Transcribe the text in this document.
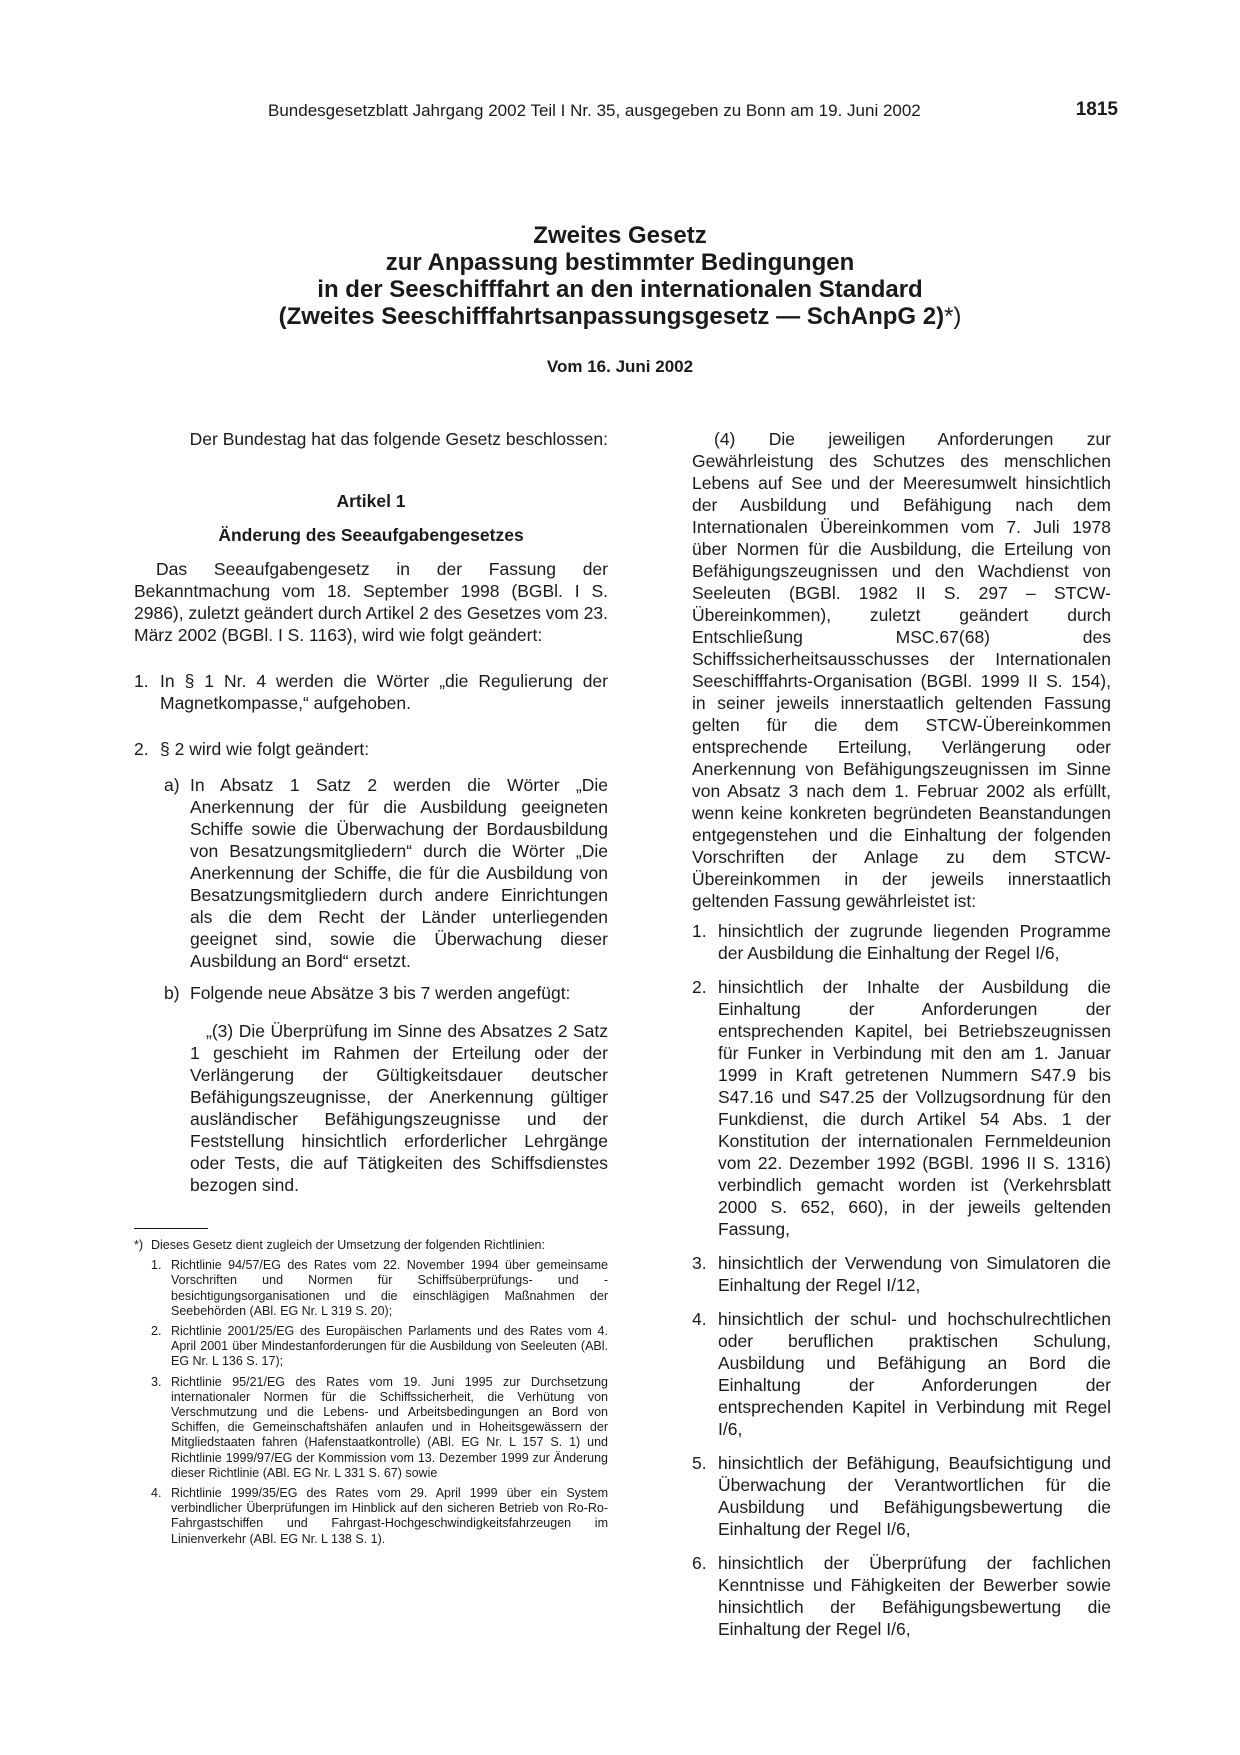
Bundesgesetzblatt Jahrgang 2002 Teil I Nr. 35, ausgegeben zu Bonn am 19. Juni 2002	1815
Zweites Gesetz
zur Anpassung bestimmter Bedingungen
in der Seeschifffahrt an den internationalen Standard
(Zweites Seeschifffahrtsanpassungsgesetz — SchAnpG 2)*)
Vom 16. Juni 2002

Der Bundestag hat das folgende Gesetz beschlossen:

Artikel 1

Änderung des Seeaufgabengesetzes

Das Seeaufgabengesetz in der Fassung der Bekanntmachung vom 18. September 1998 (BGBl. I S. 2986), zuletzt geändert durch Artikel 2 des Gesetzes vom 23. März 2002 (BGBl. I S. 1163), wird wie folgt geändert:

1. In § 1 Nr. 4 werden die Wörter „die Regulierung der Magnetkompasse,“ aufgehoben.
2. § 2 wird wie folgt geändert:
a) In Absatz 1 Satz 2 werden die Wörter „Die Anerkennung der für die Ausbildung geeigneten Schiffe sowie die Überwachung der Bordausbildung von Besatzungsmitgliedern“ durch die Wörter „Die Anerkennung der Schiffe, die für die Ausbildung von Besatzungsmitgliedern durch andere Einrichtungen als die dem Recht der Länder unterliegenden geeignet sind, sowie die Überwachung dieser Ausbildung an Bord“ ersetzt.
b) Folgende neue Absätze 3 bis 7 werden angefügt:

„(3) Die Überprüfung im Sinne des Absatzes 2 Satz 1 geschieht im Rahmen der Erteilung oder der Verlängerung der Gültigkeitsdauer deutscher Befähigungszeugnisse, der Anerkennung gültiger ausländischer Befähigungszeugnisse und der Feststellung hinsichtlich erforderlicher Lehrgänge oder Tests, die auf Tätigkeiten des Schiffsdienstes bezogen sind.

*) Dieses Gesetz dient zugleich der Umsetzung der folgenden Richtlinien:
1. Richtlinie 94/57/EG des Rates vom 22. November 1994 über gemeinsame Vorschriften und Normen für Schiffsüberprüfungs- und -besichtigungsorganisationen und die einschlägigen Maßnahmen der Seebehörden (ABl. EG Nr. L 319 S. 20);
2. Richtlinie 2001/25/EG des Europäischen Parlaments und des Rates vom 4. April 2001 über Mindestanforderungen für die Ausbildung von Seeleuten (ABl. EG Nr. L 136 S. 17);
3. Richtlinie 95/21/EG des Rates vom 19. Juni 1995 zur Durchsetzung internationaler Normen für die Schiffssicherheit, die Verhütung von Verschmutzung und die Lebens- und Arbeitsbedingungen an Bord von Schiffen, die Gemeinschaftshäfen anlaufen und in Hoheitsgewässern der Mitgliedstaaten fahren (Hafenstaatkontrolle) (ABl. EG Nr. L 157 S. 1) und Richtlinie 1999/97/EG der Kommission vom 13. Dezember 1999 zur Änderung dieser Richtlinie (ABl. EG Nr. L 331 S. 67) sowie
4. Richtlinie 1999/35/EG des Rates vom 29. April 1999 über ein System verbindlicher Überprüfungen im Hinblick auf den sicheren Betrieb von Ro-Ro-Fahrgastschiffen und Fahrgast-Hochgeschwindigkeitsfahrzeugen im Linienverkehr (ABl. EG Nr. L 138 S. 1).

(4) Die jeweiligen Anforderungen zur Gewährleistung des Schutzes des menschlichen Lebens auf See und der Meeresumwelt hinsichtlich der Ausbildung und Befähigung nach dem Internationalen Übereinkommen vom 7. Juli 1978 über Normen für die Ausbildung, die Erteilung von Befähigungszeugnissen und den Wachdienst von Seeleuten (BGBl. 1982 II S. 297 – STCW-Übereinkommen), zuletzt geändert durch Entschließung MSC.67(68) des Schiffssicherheitsausschusses der Internationalen Seeschifffahrts-Organisation (BGBl. 1999 II S. 154), in seiner jeweils innerstaatlich geltenden Fassung gelten für die dem STCW-Übereinkommen entsprechende Erteilung, Verlängerung oder Anerkennung von Befähigungszeugnissen im Sinne von Absatz 3 nach dem 1. Februar 2002 als erfüllt, wenn keine konkreten begründeten Beanstandungen entgegenstehen und die Einhaltung der folgenden Vorschriften der Anlage zu dem STCW-Übereinkommen in der jeweils innerstaatlich geltenden Fassung gewährleistet ist:

1. hinsichtlich der zugrunde liegenden Programme der Ausbildung die Einhaltung der Regel I/6,
2. hinsichtlich der Inhalte der Ausbildung die Einhaltung der Anforderungen der entsprechenden Kapitel, bei Betriebszeugnissen für Funker in Verbindung mit den am 1. Januar 1999 in Kraft getretenen Nummern S47.9 bis S47.16 und S47.25 der Vollzugsordnung für den Funkdienst, die durch Artikel 54 Abs. 1 der Konstitution der internationalen Fernmeldeunion vom 22. Dezember 1992 (BGBl. 1996 II S. 1316) verbindlich gemacht worden ist (Verkehrsblatt 2000 S. 652, 660), in der jeweils geltenden Fassung,
3. hinsichtlich der Verwendung von Simulatoren die Einhaltung der Regel I/12,
4. hinsichtlich der schul- und hochschulrechtlichen oder beruflichen praktischen Schulung, Ausbildung und Befähigung an Bord die Einhaltung der Anforderungen der entsprechenden Kapitel in Verbindung mit Regel I/6,
5. hinsichtlich der Befähigung, Beaufsichtigung und Überwachung der Verantwortlichen für die Ausbildung und Befähigungsbewertung die Einhaltung der Regel I/6,
6. hinsichtlich der Überprüfung der fachlichen Kenntnisse und Fähigkeiten der Bewerber sowie hinsichtlich der Befähigungsbewertung die Einhaltung der Regel I/6,
